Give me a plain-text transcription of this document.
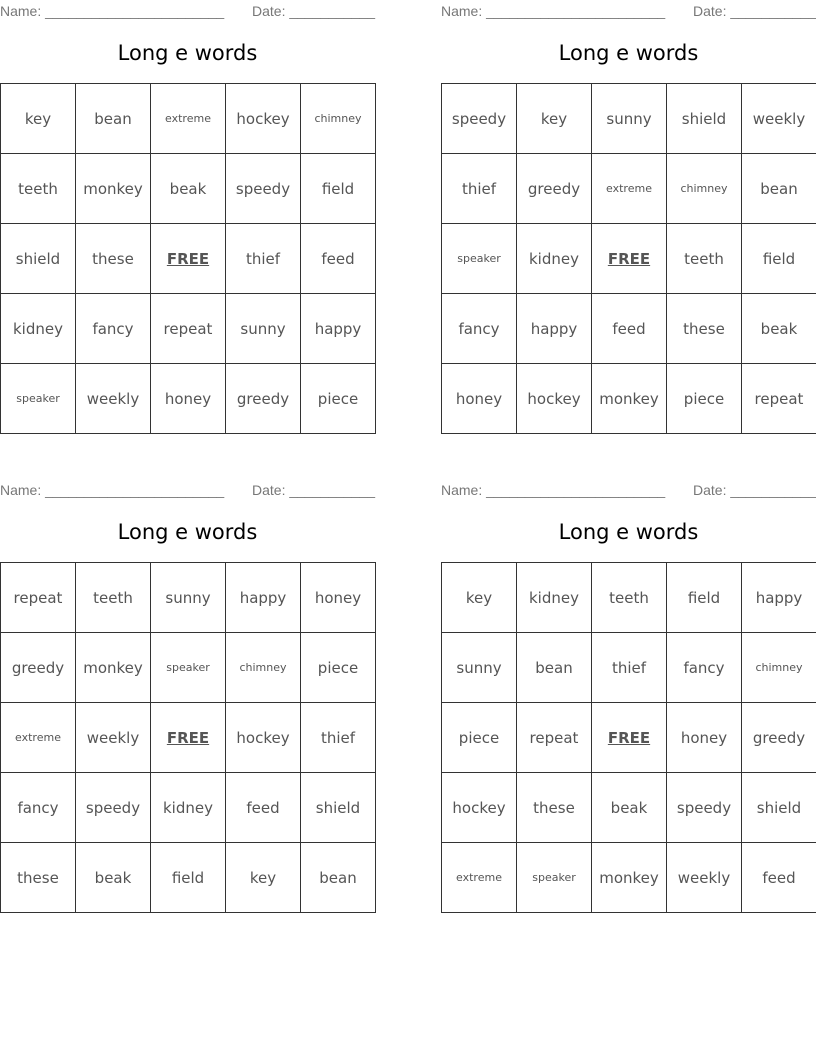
Name: _______________________ Date: ___________
Long e words
key	bean	extreme	hockey	chimney
teeth	monkey	beak	speedy	field
shield	these	FREE	thief	feed
kidney	fancy	repeat	sunny	happy
speaker	weekly	honey	greedy	piece
Name: _______________________ Date: ___________
Long e words
speedy	key	sunny	shield	weekly
thief	greedy	extreme	chimney	bean
speaker	kidney	FREE	teeth	field
fancy	happy	feed	these	beak
honey	hockey	monkey	piece	repeat
Name: _______________________ Date: ___________
Long e words
repeat	teeth	sunny	happy	honey
greedy	monkey	speaker	chimney	piece
extreme	weekly	FREE	hockey	thief
fancy	speedy	kidney	feed	shield
these	beak	field	key	bean
Name: _______________________ Date: ___________
Long e words
key	kidney	teeth	field	happy
sunny	bean	thief	fancy	chimney
piece	repeat	FREE	honey	greedy
hockey	these	beak	speedy	shield
extreme	speaker	monkey	weekly	feed
